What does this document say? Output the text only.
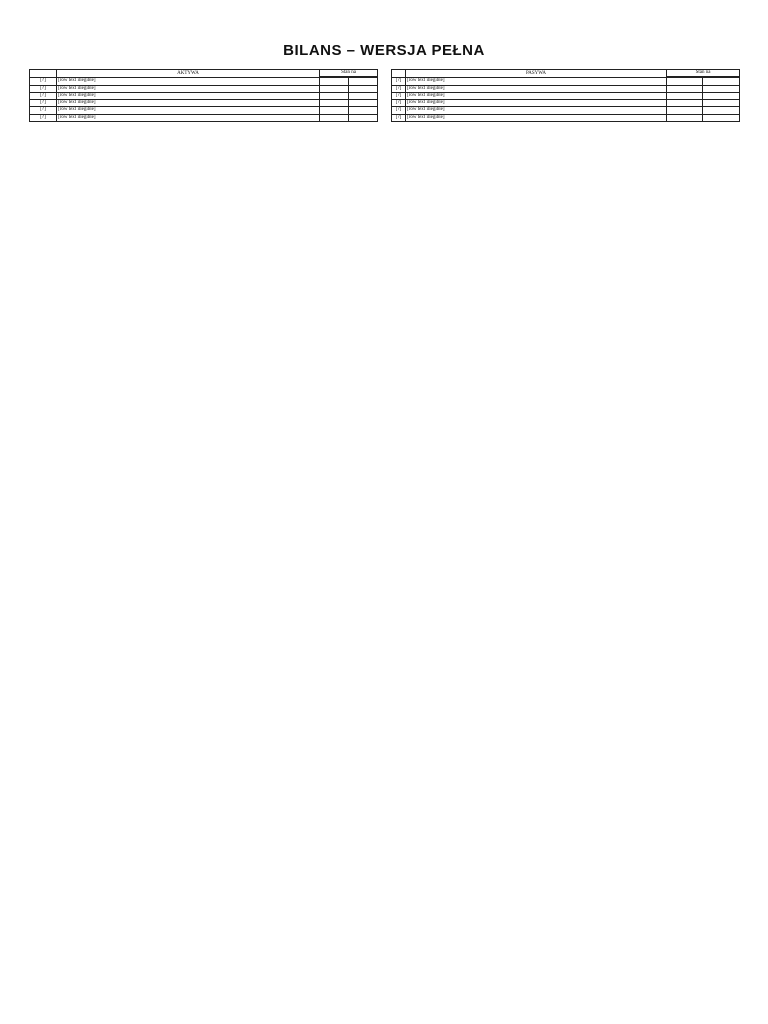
BILANS – WERSJA PEŁNA
	AKTYWA	Stan na	

[?]	[row text illegible]		
[?]	[row text illegible]		
[?]	[row text illegible]		
[?]	[row text illegible]		
[?]	[row text illegible]		
[?]	[row text illegible]		
	PASYWA	Stan na	

[?]	[row text illegible]		
[?]	[row text illegible]		
[?]	[row text illegible]		
[?]	[row text illegible]		
[?]	[row text illegible]		
[?]	[row text illegible]		
